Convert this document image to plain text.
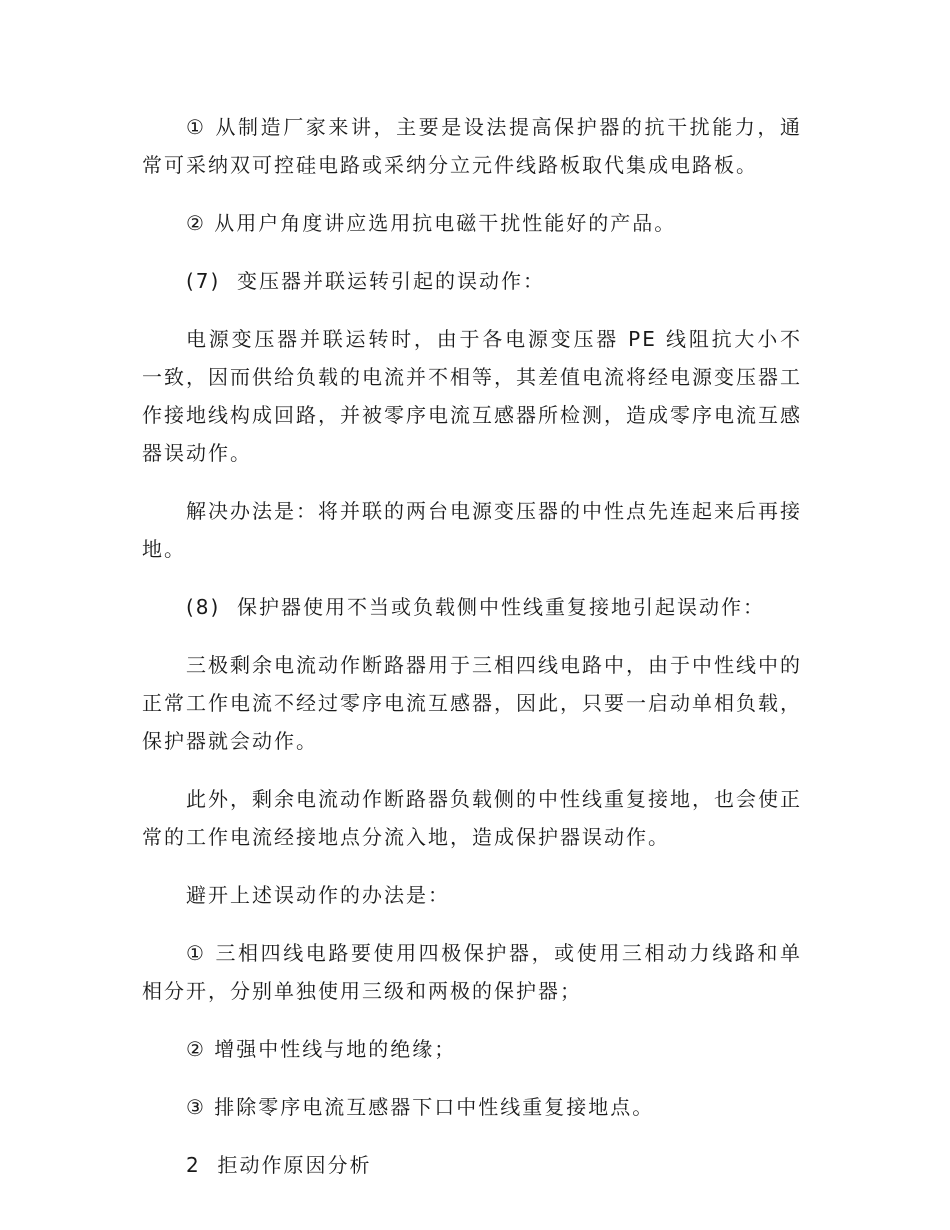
① 从制造厂家来讲，主要是设法提高保护器的抗干扰能力，通常可采纳双可控硅电路或采纳分立元件线路板取代集成电路板。

② 从用户角度讲应选用抗电磁干扰性能好的产品。

(7)  变压器并联运转引起的误动作：

电源变压器并联运转时，由于各电源变压器 PE 线阻抗大小不一致，因而供给负载的电流并不相等，其差值电流将经电源变压器工作接地线构成回路，并被零序电流互感器所检测，造成零序电流互感器误动作。

解决办法是：将并联的两台电源变压器的中性点先连起来后再接地。

(8)  保护器使用不当或负载侧中性线重复接地引起误动作：

三极剩余电流动作断路器用于三相四线电路中，由于中性线中的正常工作电流不经过零序电流互感器，因此，只要一启动单相负载，保护器就会动作。

此外，剩余电流动作断路器负载侧的中性线重复接地，也会使正常的工作电流经接地点分流入地，造成保护器误动作。

避开上述误动作的办法是：

① 三相四线电路要使用四极保护器，或使用三相动力线路和单相分开，分别单独使用三级和两极的保护器；

② 增强中性线与地的绝缘；

③ 排除零序电流互感器下口中性线重复接地点。

2  拒动作原因分析
